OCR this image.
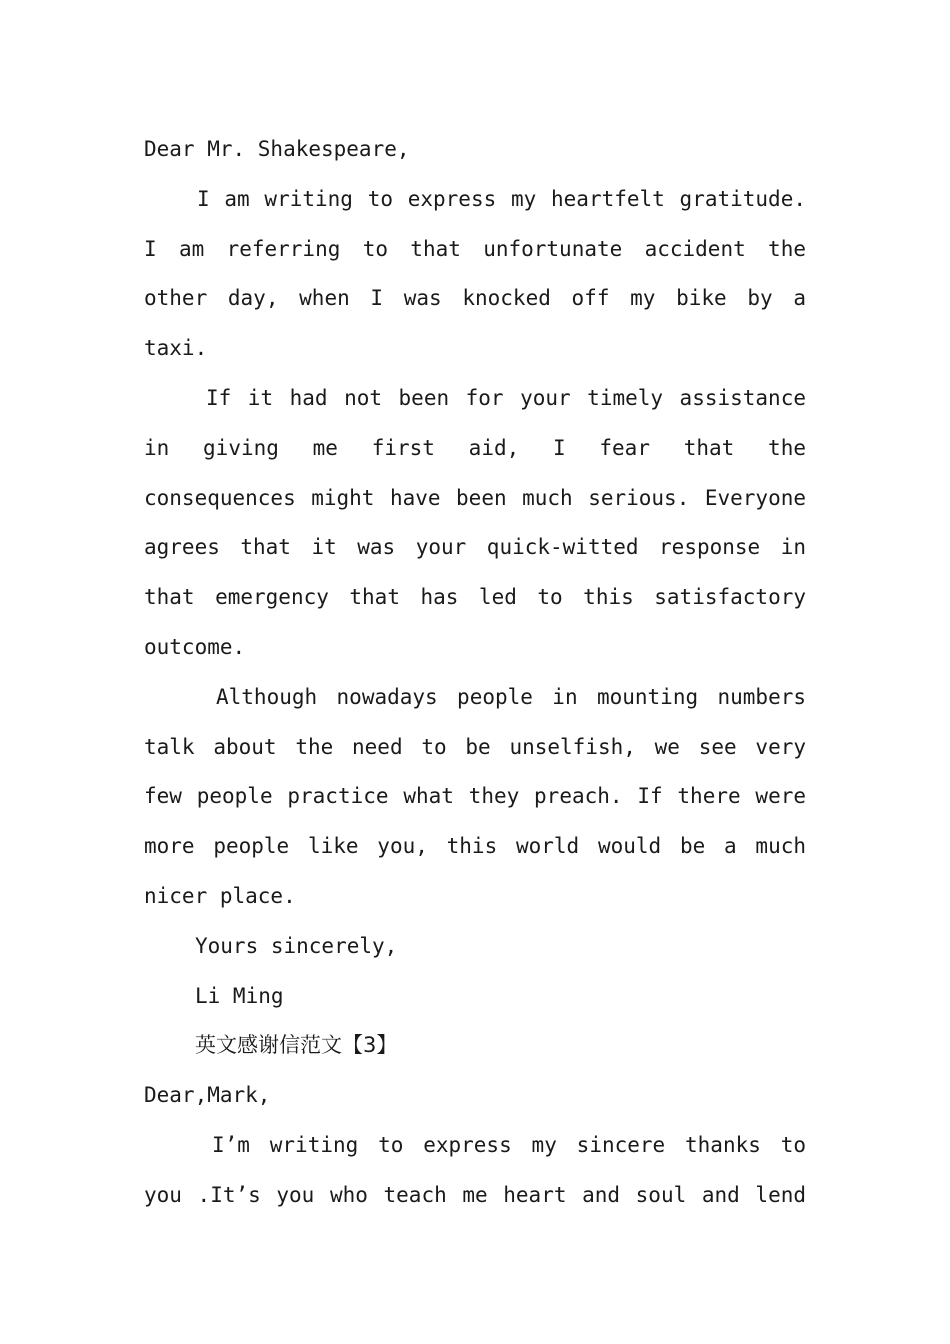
Dear Mr. Shakespeare,
I am writing to express my heartfelt gratitude.
I am referring to that unfortunate accident the
other day, when I was knocked off my bike by a
taxi.
If it had not been for your timely assistance
in giving me first aid, I fear that the
consequences might have been much serious. Everyone
agrees that it was your quick-witted response in
that emergency that has led to this satisfactory
outcome.
Although nowadays people in mounting numbers
talk about the need to be unselfish, we see very
few people practice what they preach. If there were
more people like you, this world would be a much
nicer place.
Yours sincerely,
Li Ming
英文感谢信范文【3】
Dear,Mark,
I’m writing to express my sincere thanks to
you .It’s you who teach me heart and soul and lend
